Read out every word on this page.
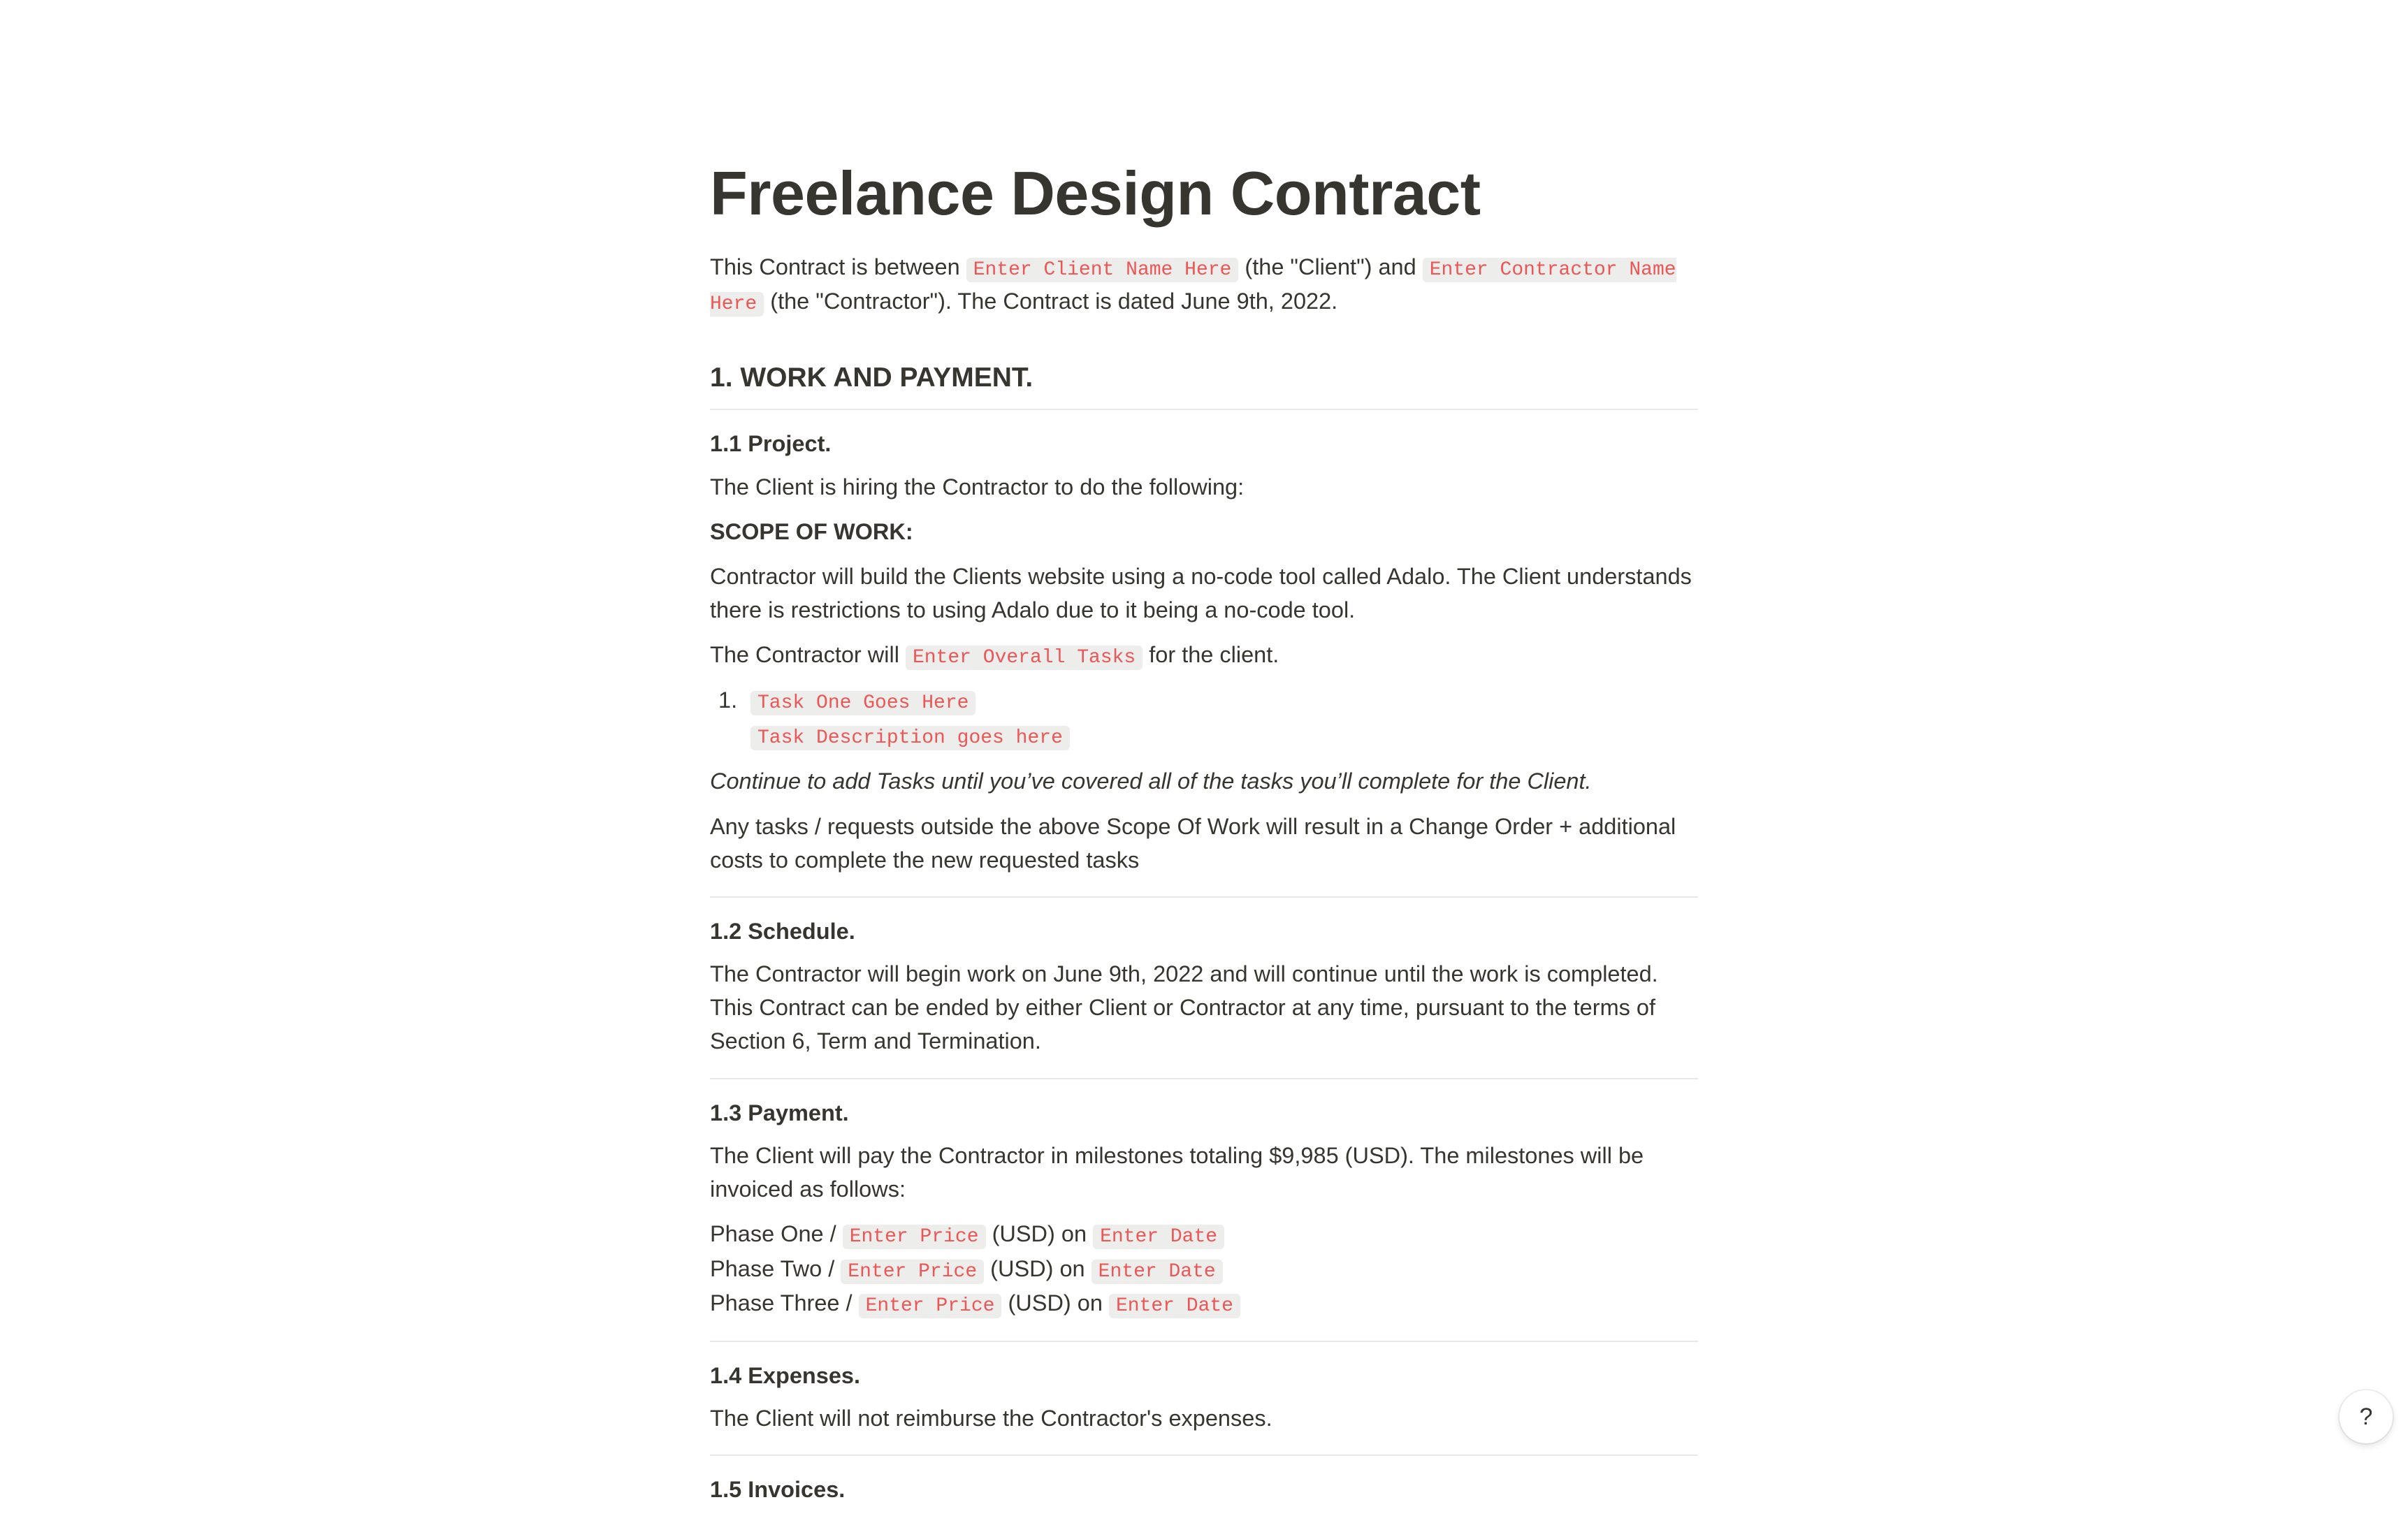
Freelance Design Contract

This Contract is between Enter Client Name Here (the "Client") and Enter Contractor Name Here (the "Contractor"). The Contract is dated June 9th, 2022.

1. WORK AND PAYMENT.
1.1 Project.

The Client is hiring the Contractor to do the following:

SCOPE OF WORK:

Contractor will build the Clients website using a no-code tool called Adalo. The Client understands there is restrictions to using Adalo due to it being a no-code tool.

The Contractor will Enter Overall Tasks for the client.

1.	Task One Goes Here
Task Description goes here

Continue to add Tasks until you’ve covered all of the tasks you’ll complete for the Client.

Any tasks / requests outside the above Scope Of Work will result in a Change Order + additional costs to complete the new requested tasks

1.2 Schedule.

The Contractor will begin work on June 9th, 2022 and will continue until the work is completed. This Contract can be ended by either Client or Contractor at any time, pursuant to the terms of Section 6, Term and Termination.

1.3 Payment.

The Client will pay the Contractor in milestones totaling $9,985 (USD). The milestones will be invoiced as follows:

Phase One / Enter Price (USD) on Enter Date
Phase Two / Enter Price (USD) on Enter Date
Phase Three / Enter Price (USD) on Enter Date
1.4 Expenses.

The Client will not reimburse the Contractor's expenses.

1.5 Invoices.
?
